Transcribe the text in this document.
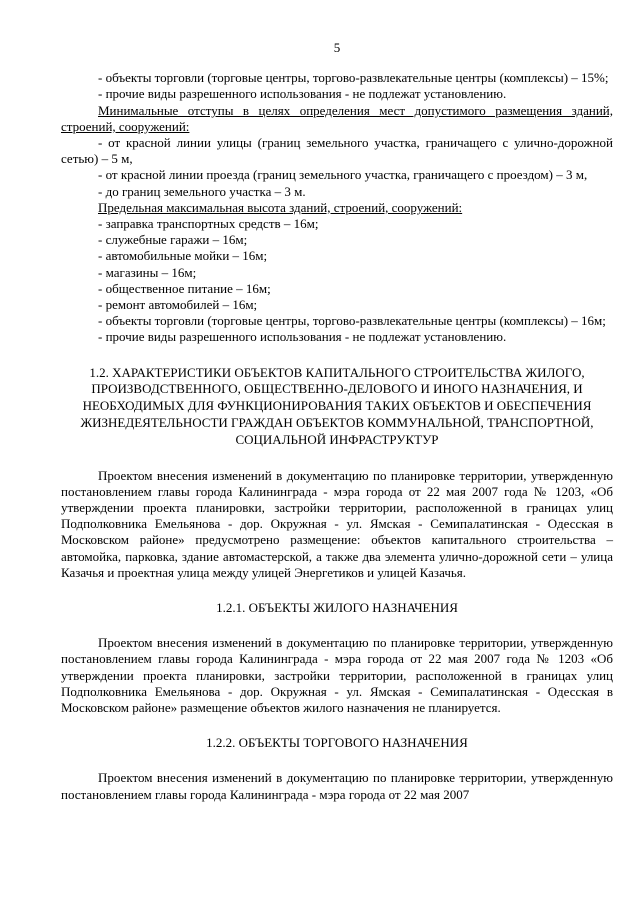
5

- объекты торговли (торговые центры, торгово-развлекательные центры (комплексы) – 15%;

- прочие виды разрешенного использования - не подлежат установлению.

Минимальные отступы в целях определения мест допустимого размещения зданий, строений, сооружений:

- от красной линии улицы (границ земельного участка, граничащего с улично-дорожной сетью) – 5 м,

- от красной линии проезда (границ земельного участка, граничащего с проездом) – 3 м,

- до границ земельного участка – 3 м.

Предельная максимальная высота зданий, строений, сооружений:

- заправка транспортных средств – 16м;

- служебные гаражи – 16м;

- автомобильные мойки – 16м;

- магазины – 16м;

- общественное питание – 16м;

- ремонт автомобилей – 16м;

- объекты торговли (торговые центры, торгово-развлекательные центры (комплексы) – 16м;

- прочие виды разрешенного использования - не подлежат установлению.

1.2. ХАРАКТЕРИСТИКИ ОБЪЕКТОВ КАПИТАЛЬНОГО СТРОИТЕЛЬСТВА ЖИЛОГО, ПРОИЗВОДСТВЕННОГО, ОБЩЕСТВЕННО-ДЕЛОВОГО И ИНОГО НАЗНАЧЕНИЯ, И НЕОБХОДИМЫХ ДЛЯ ФУНКЦИОНИРОВАНИЯ ТАКИХ ОБЪЕКТОВ И ОБЕСПЕЧЕНИЯ ЖИЗНЕДЕЯТЕЛЬНОСТИ ГРАЖДАН ОБЪЕКТОВ КОММУНАЛЬНОЙ, ТРАНСПОРТНОЙ, СОЦИАЛЬНОЙ ИНФРАСТРУКТУР

Проектом внесения изменений в документацию по планировке территории, утвержденную постановлением главы города Калининграда - мэра города от 22 мая 2007 года № 1203, «Об утверждении проекта планировки, застройки территории, расположенной в границах улиц Подполковника Емельянова - дор. Окружная - ул. Ямская - Семипалатинская - Одесская в Московском районе» предусмотрено размещение: объектов капитального строительства – автомойка, парковка, здание автомастерской, а также два элемента улично-дорожной сети – улица Казачья и проектная улица между улицей Энергетиков и улицей Казачья.

1.2.1. ОБЪЕКТЫ ЖИЛОГО НАЗНАЧЕНИЯ

Проектом внесения изменений в документацию по планировке территории, утвержденную постановлением главы города Калининграда - мэра города от 22 мая 2007 года № 1203 «Об утверждении проекта планировки, застройки территории, расположенной в границах улиц Подполковника Емельянова - дор. Окружная - ул. Ямская - Семипалатинская - Одесская в Московском районе» размещение объектов жилого назначения не планируется.

1.2.2. ОБЪЕКТЫ ТОРГОВОГО НАЗНАЧЕНИЯ

Проектом внесения изменений в документацию по планировке территории, утвержденную постановлением главы города Калининграда - мэра города от 22 мая 2007
